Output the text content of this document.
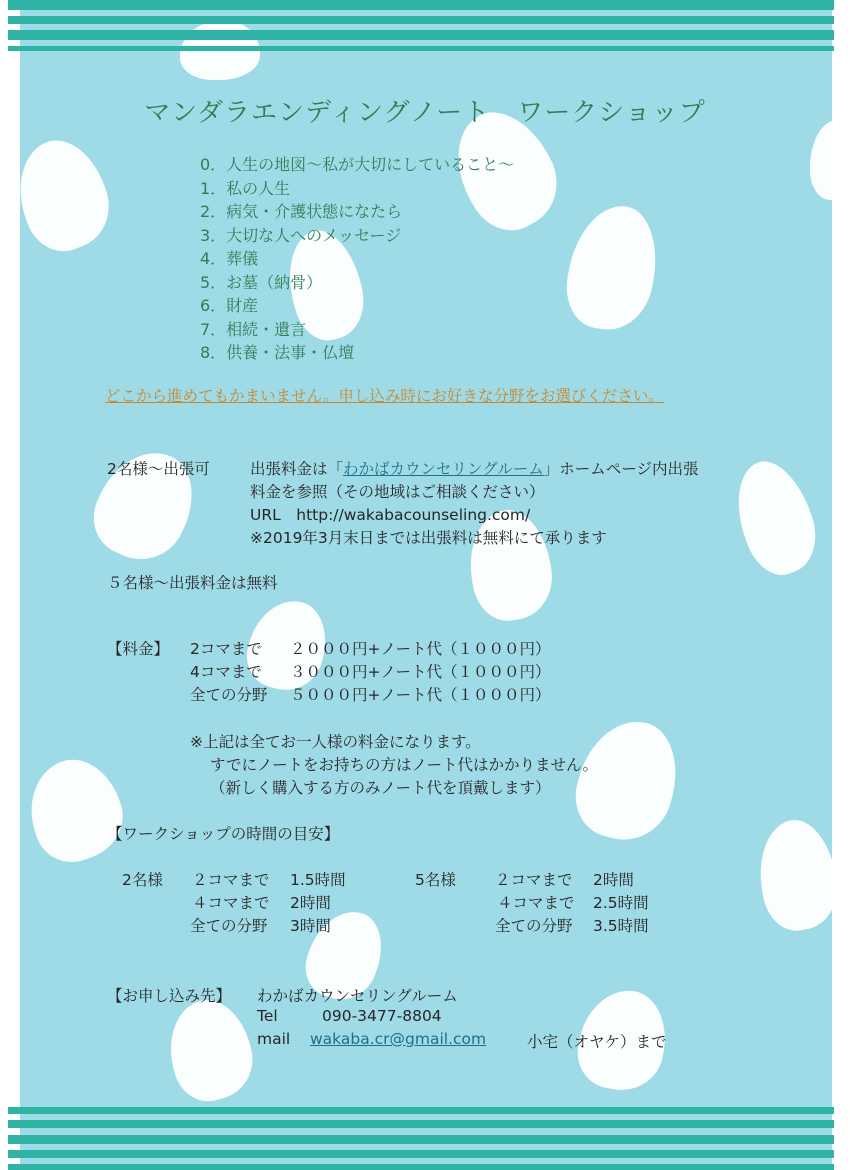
マンダラエンディングノート　ワークショップ
0．人生の地図～私が大切にしていること～
1．私の人生
2．病気・介護状態になたら
3．大切な人へのメッセージ
4．葬儀
5．お墓（納骨）
6．財産
7．相続・遺言
8．供養・法事・仏壇
どこから進めてもかまいません。申し込み時にお好きな分野をお選びください。
2名様～出張可	出張料金は「わかばカウンセリングルーム」ホームページ内出張
料金を参照（その地域はご相談ください）
URL　http://wakabacounseling.com/
※2019年3月末日までは出張料は無料にて承ります
５名様～出張料金は無料
【料金】 2コマまで ２０００円+ノート代（１０００円）
4コマまで ３０００円+ノート代（１０００円）
全ての分野 ５０００円+ノート代（１０００円）
※上記は全てお一人様の料金になります。
すでにノートをお持ちの方はノート代はかかりません。
（新しく購入する方のみノート代を頂戴します）
【ワークショップの時間の目安】
2名様 ２コマまで 1.5時間
４コマまで 2時間
全ての分野 3時間
5名様	２コマまで 2時間
４コマまで 2.5時間
全ての分野 3.5時間
【お申し込み先】 わかばカウンセリングルーム
Tel	090-3477-8804
mail wakaba.cr@gmail.com	小宅（オヤケ）まで
